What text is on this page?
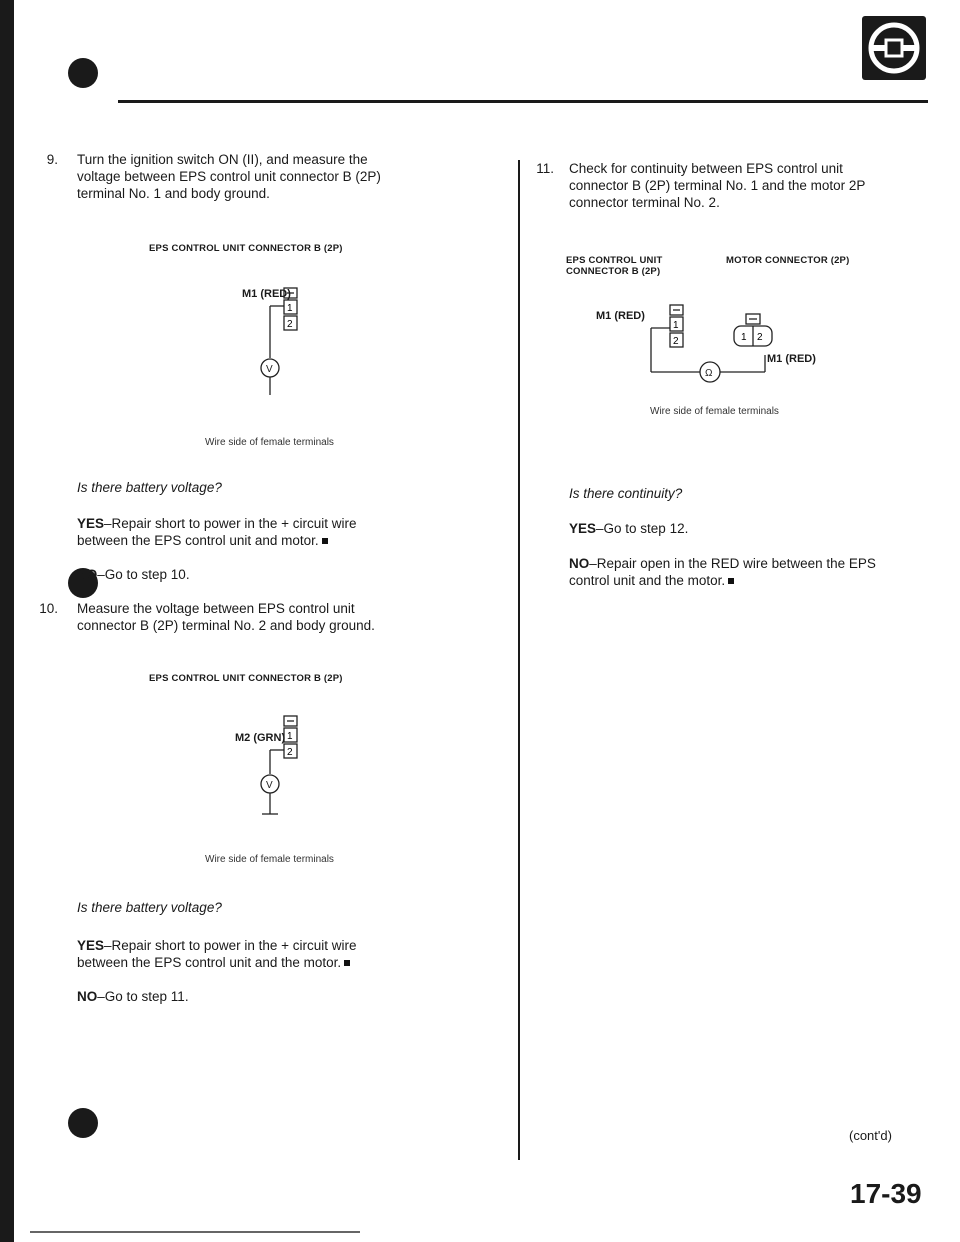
9. Turn the ignition switch ON (II), and measure the
voltage between EPS control unit connector B (2P)
terminal No. 1 and body ground.
EPS CONTROL UNIT CONNECTOR B (2P)
M1 (RED)
1
2
V
Wire side of female terminals
Is there battery voltage?
YES–Repair short to power in the + circuit wire
between the EPS control unit and motor.
NO–Go to step 10.
10. Measure the voltage between EPS control unit
connector B (2P) terminal No. 2 and body ground.
EPS CONTROL UNIT CONNECTOR B (2P)
M2 (GRN) 1
2
V
Wire side of female terminals
Is there battery voltage?
YES–Repair short to power in the + circuit wire
between the EPS control unit and the motor.
NO–Go to step 11.
11. Check for continuity between EPS control unit
connector B (2P) terminal No. 1 and the motor 2P
connector terminal No. 2.
EPS CONTROL UNIT
CONNECTOR B (2P)
MOTOR CONNECTOR (2P)
M1 (RED)
M1 (RED)
1
2	1 2
Ω
Wire side of female terminals
Is there continuity?
YES–Go to step 12.
NO–Repair open in the RED wire between the EPS
control unit and the motor.
(cont'd)
17-39
